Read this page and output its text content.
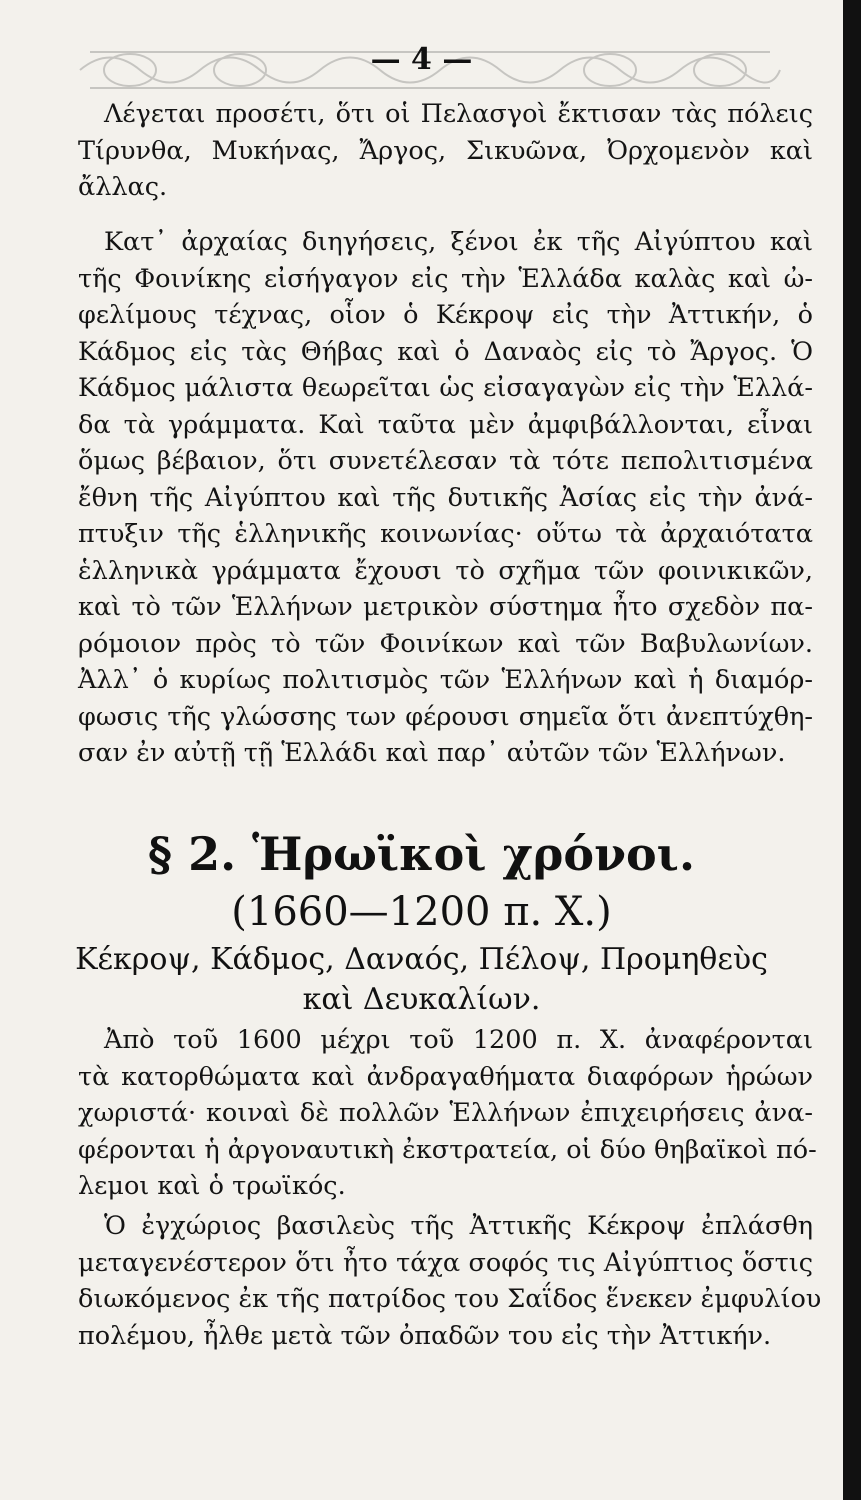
— 4 —
Λέγεται προσέτι, ὅτι οἱ Πελασγοὶ ἔκτισαν τὰς πόλεις
Τίρυνθα, Μυκήνας, Ἄργος, Σικυῶνα, Ὀρχομενὸν καὶ
ἄλλας.
Κατ᾽ ἀρχαίας διηγήσεις, ξένοι ἐκ τῆς Αἰγύπτου καὶ
τῆς Φοινίκης εἰσήγαγον εἰς τὴν Ἑλλάδα καλὰς καὶ ὠ-
φελίμους τέχνας, οἷον ὁ Κέκροψ εἰς τὴν Ἀττικήν, ὁ
Κάδμος εἰς τὰς Θήβας καὶ ὁ Δαναὸς εἰς τὸ Ἄργος. Ὁ
Κάδμος μάλιστα θεωρεῖται ὡς εἰσαγαγὼν εἰς τὴν Ἑλλά-
δα τὰ γράμματα. Καὶ ταῦτα μὲν ἀμφιβάλλονται, εἶναι
ὅμως βέβαιον, ὅτι συνετέλεσαν τὰ τότε πεπολιτισμένα
ἔθνη τῆς Αἰγύπτου καὶ τῆς δυτικῆς Ἀσίας εἰς τὴν ἀνά-
πτυξιν τῆς ἑλληνικῆς κοινωνίας· οὕτω τὰ ἀρχαιότατα
ἑλληνικὰ γράμματα ἔχουσι τὸ σχῆμα τῶν φοινικικῶν,
καὶ τὸ τῶν Ἑλλήνων μετρικὸν σύστημα ἦτο σχεδὸν πα-
ρόμοιον πρὸς τὸ τῶν Φοινίκων καὶ τῶν Βαβυλωνίων.
Ἀλλ᾽ ὁ κυρίως πολιτισμὸς τῶν Ἑλλήνων καὶ ἡ διαμόρ-
φωσις τῆς γλώσσης των φέρουσι σημεῖα ὅτι ἀνεπτύχθη-
σαν ἐν αὐτῇ τῇ Ἑλλάδι καὶ παρ᾽ αὐτῶν τῶν Ἑλλήνων.
§ 2. Ἡρωϊκοὶ χρόνοι.
(1660—1200 π. Χ.)
Κέκροψ, Κάδμος, Δαναός, Πέλοψ, Προμηθεὺς
καὶ Δευκαλίων.
Ἀπὸ τοῦ 1600 μέχρι τοῦ 1200 π. Χ. ἀναφέρονται
τὰ κατορθώματα καὶ ἀνδραγαθήματα διαφόρων ἡρώων
χωριστά· κοιναὶ δὲ πολλῶν Ἑλλήνων ἐπιχειρήσεις ἀνα-
φέρονται ἡ ἀργοναυτικὴ ἐκστρατεία, οἱ δύο θηβαϊκοὶ πό-
λεμοι καὶ ὁ τρωϊκός.
Ὁ ἐγχώριος βασιλεὺς τῆς Ἀττικῆς Κέκροψ ἐπλάσθη
μεταγενέστερον ὅτι ἦτο τάχα σοφός τις Αἰγύπτιος ὅστις
διωκόμενος ἐκ τῆς πατρίδος του Σαΐδος ἕνεκεν ἐμφυλίου
πολέμου, ἦλθε μετὰ τῶν ὀπαδῶν του εἰς τὴν Ἀττικήν.
